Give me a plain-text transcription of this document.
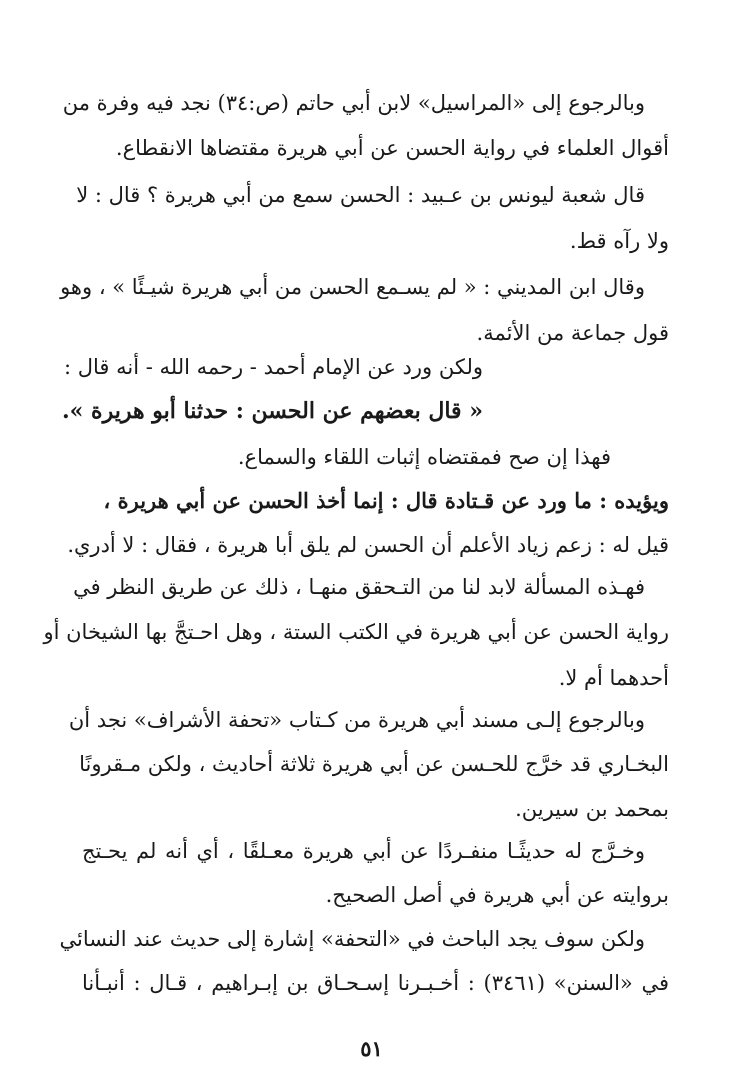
وبالرجوع إلى «المراسيل» لابن أبي حاتم (ص:٣٤) نجد فيه وفرة من
أقوال العلماء في رواية الحسن عن أبي هريرة مقتضاها الانقطاع.
قال شعبة ليونس بن عـبيد : الحسن سمع من أبي هريرة ؟ قال : لا
ولا رآه قط.
وقال ابن المديني : « لم يسـمع الحسن من أبي هريرة شيـئًا » ، وهو
قول جماعة من الأئمة.
ولكن ورد عن الإمام أحمد - رحمه الله - أنه قال :
« قال بعضهم عن الحسن : حدثنا أبو هريرة ».
فهذا إن صح فمقتضاه إثبات اللقاء والسماع.
ويؤيده : ما ورد عن قـتادة قال : إنما أخذ الحسن عن أبي هريرة ،
قيل له : زعم زياد الأعلم أن الحسن لم يلق أبا هريرة ، فقال : لا أدري.
فهـذه المسألة لابد لنا من التـحقق منهـا ، ذلك عن طريق النظر في
رواية الحسن عن أبي هريرة في الكتب الستة ، وهل احـتجَّ بها الشيخان أو
أحدهما أم لا.
وبالرجوع إلـى مسند أبي هريرة من كـتاب «تحفة الأشراف» نجد أن
البخـاري قد خرَّج للحـسن عن أبي هريرة ثلاثة أحاديث ، ولكن مـقرونًا
بمحمد بن سيرين.
وخـرَّج له حديثًـا منفـردًا عن أبي هريرة معـلقًا ، أي أنه لم يحـتج
بروايته عن أبي هريرة في أصل الصحيح.
ولكن سوف يجد الباحث في «التحفة» إشارة إلى حديث عند النسائي
في «السنن» (٣٤٦١) : أخـبـرنا إسـحـاق بن إبـراهيم ، قـال : أنبـأنا
٥١
